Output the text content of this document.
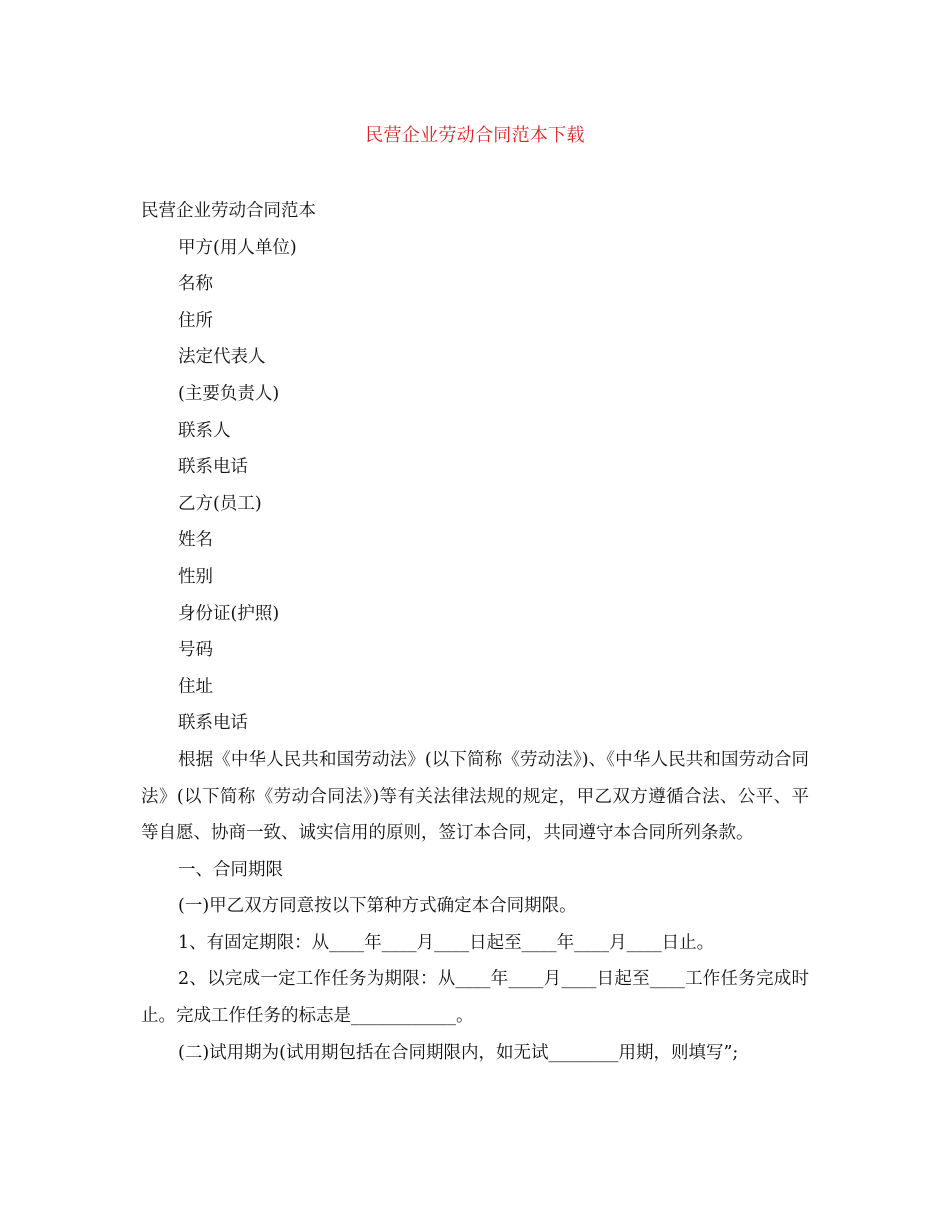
民营企业劳动合同范本下载

民营企业劳动合同范本

甲方(用人单位)

名称

住所

法定代表人

(主要负责人)

联系人

联系电话

乙方(员工)

姓名

性别

身份证(护照)

号码

住址

联系电话

根据《中华人民共和国劳动法》(以下简称《劳动法》)、《中华人民共和国劳动合同法》(以下简称《劳动合同法》)等有关法律法规的规定，甲乙双方遵循合法、公平、平等自愿、协商一致、诚实信用的原则，签订本合同，共同遵守本合同所列条款。

一、合同期限

(一)甲乙双方同意按以下第种方式确定本合同期限。

1、有固定期限：从____年____月____日起至____年____月____日止。

2、以完成一定工作任务为期限：从____年____月____日起至____工作任务完成时止。完成工作任务的标志是____________。

(二)试用期为(试用期包括在合同期限内，如无试________用期，则填写”;
